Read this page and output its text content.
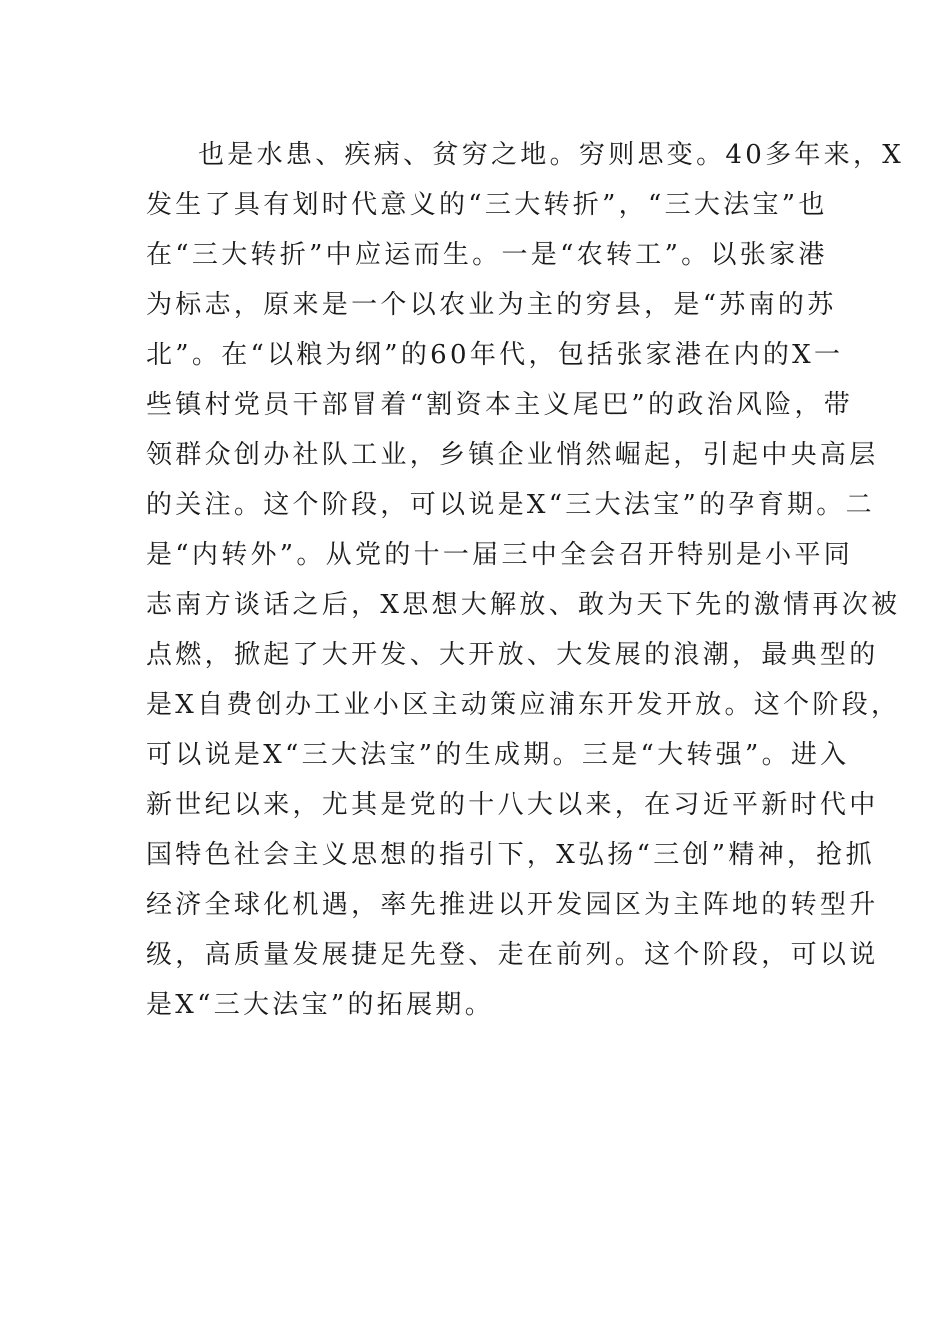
也是水患、疾病、贫穷之地。穷则思变。40多年来，X
发生了具有划时代意义的“三大转折”，“三大法宝”也
在“三大转折”中应运而生。一是“农转工”。以张家港
为标志，原来是一个以农业为主的穷县，是“苏南的苏
北”。在“以粮为纲”的60年代，包括张家港在内的X一
些镇村党员干部冒着“割资本主义尾巴”的政治风险，带
领群众创办社队工业，乡镇企业悄然崛起，引起中央高层
的关注。这个阶段，可以说是X“三大法宝”的孕育期。二
是“内转外”。从党的十一届三中全会召开特别是小平同
志南方谈话之后，X思想大解放、敢为天下先的激情再次被
点燃，掀起了大开发、大开放、大发展的浪潮，最典型的
是X自费创办工业小区主动策应浦东开发开放。这个阶段，
可以说是X“三大法宝”的生成期。三是“大转强”。进入
新世纪以来，尤其是党的十八大以来，在习近平新时代中
国特色社会主义思想的指引下，X弘扬“三创”精神，抢抓
经济全球化机遇，率先推进以开发园区为主阵地的转型升
级，高质量发展捷足先登、走在前列。这个阶段，可以说
是X“三大法宝”的拓展期。
